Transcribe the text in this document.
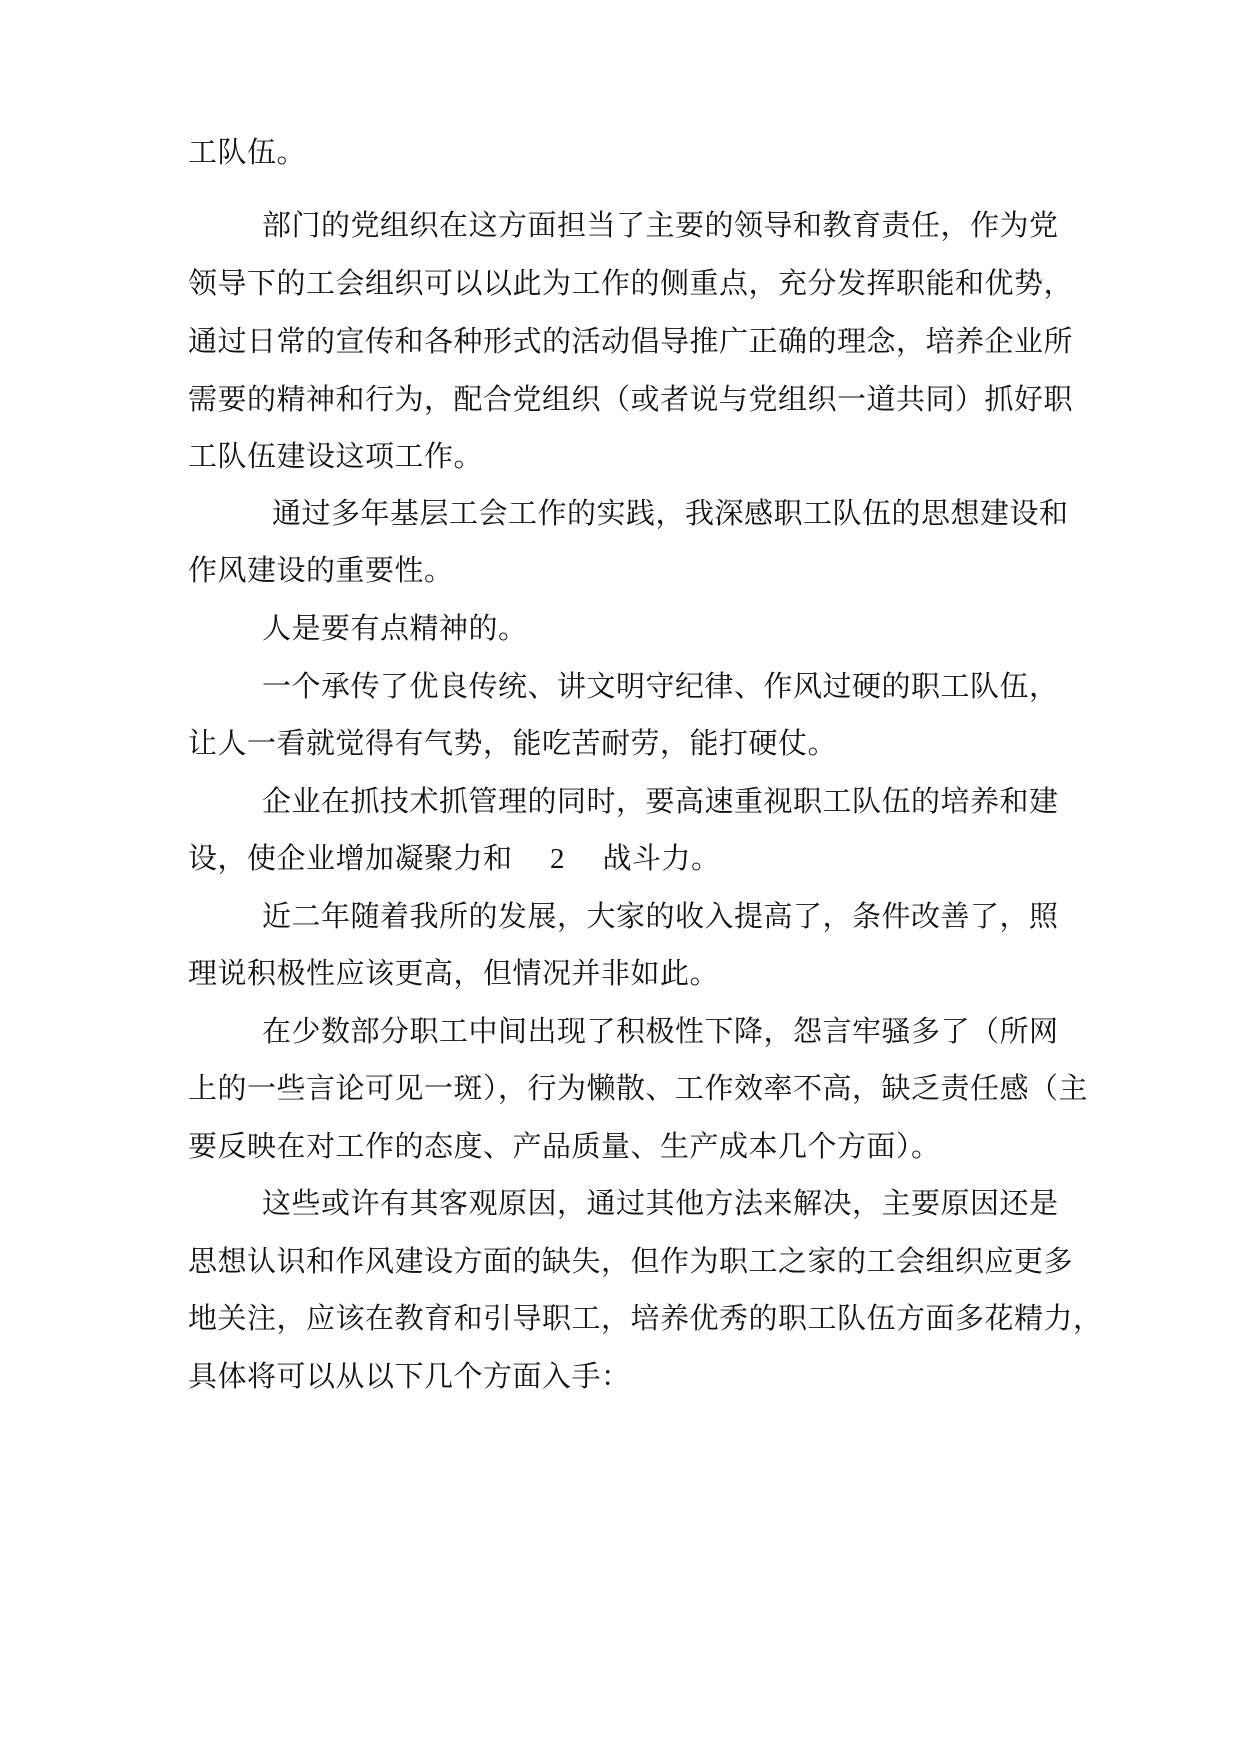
工队伍。
部门的党组织在这方面担当了主要的领导和教育责任，作为党
领导下的工会组织可以以此为工作的侧重点，充分发挥职能和优势，
通过日常的宣传和各种形式的活动倡导推广正确的理念，培养企业所
需要的精神和行为，配合党组织（或者说与党组织一道共同）抓好职
工队伍建设这项工作。
通过多年基层工会工作的实践，我深感职工队伍的思想建设和
作风建设的重要性。
人是要有点精神的。
一个承传了优良传统、讲文明守纪律、作风过硬的职工队伍，
让人一看就觉得有气势，能吃苦耐劳，能打硬仗。
企业在抓技术抓管理的同时，要高速重视职工队伍的培养和建
设，使企业增加凝聚力和 2 战斗力。
近二年随着我所的发展，大家的收入提高了，条件改善了，照
理说积极性应该更高，但情况并非如此。
在少数部分职工中间出现了积极性下降，怨言牢骚多了（所网
上的一些言论可见一斑），行为懒散、工作效率不高，缺乏责任感（主
要反映在对工作的态度、产品质量、生产成本几个方面）。
这些或许有其客观原因，通过其他方法来解决，主要原因还是
思想认识和作风建设方面的缺失，但作为职工之家的工会组织应更多
地关注，应该在教育和引导职工，培养优秀的职工队伍方面多花精力，
具体将可以从以下几个方面入手：
